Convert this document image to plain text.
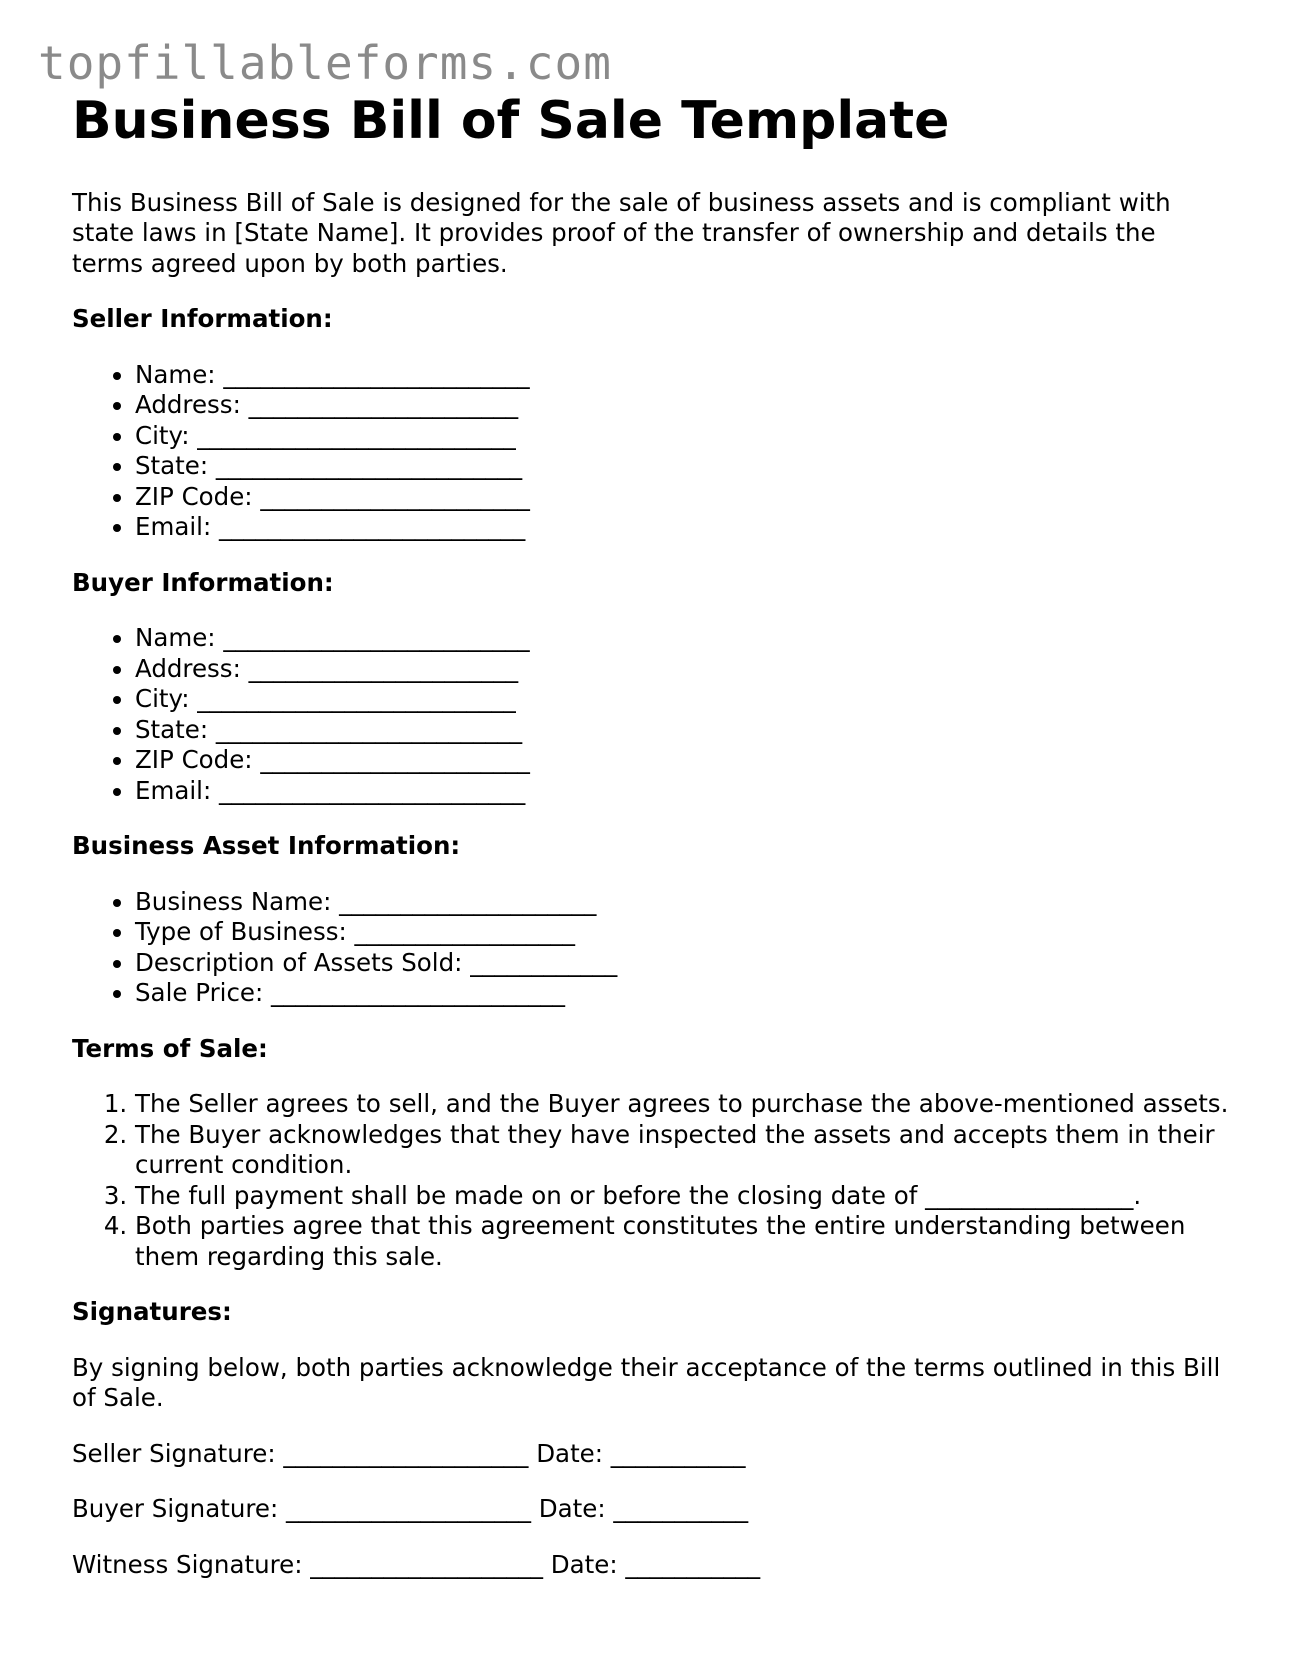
topfillableforms.com
Business Bill of Sale Template

This Business Bill of Sale is designed for the sale of business assets and is compliant with state laws in [State Name]. It provides proof of the transfer of ownership and details the terms agreed upon by both parties.

Seller Information:
• Name: _________________________
• Address: ______________________
• City: __________________________
• State: _________________________
• ZIP Code: ______________________
• Email: _________________________
Buyer Information:
• Name: _________________________
• Address: ______________________
• City: __________________________
• State: _________________________
• ZIP Code: ______________________
• Email: _________________________
Business Asset Information:
• Business Name: _____________________
• Type of Business: __________________
• Description of Assets Sold: ____________
• Sale Price: ________________________
Terms of Sale:
1. The Seller agrees to sell, and the Buyer agrees to purchase the above-mentioned assets.
2. The Buyer acknowledges that they have inspected the assets and accepts them in their current condition.
3. The full payment shall be made on or before the closing date of _________________.
4. Both parties agree that this agreement constitutes the entire understanding between them regarding this sale.
Signatures:

By signing below, both parties acknowledge their acceptance of the terms outlined in this Bill of Sale.

Seller Signature: ____________________ Date: ___________

Buyer Signature: ____________________ Date: ___________

Witness Signature: ___________________ Date: ___________
